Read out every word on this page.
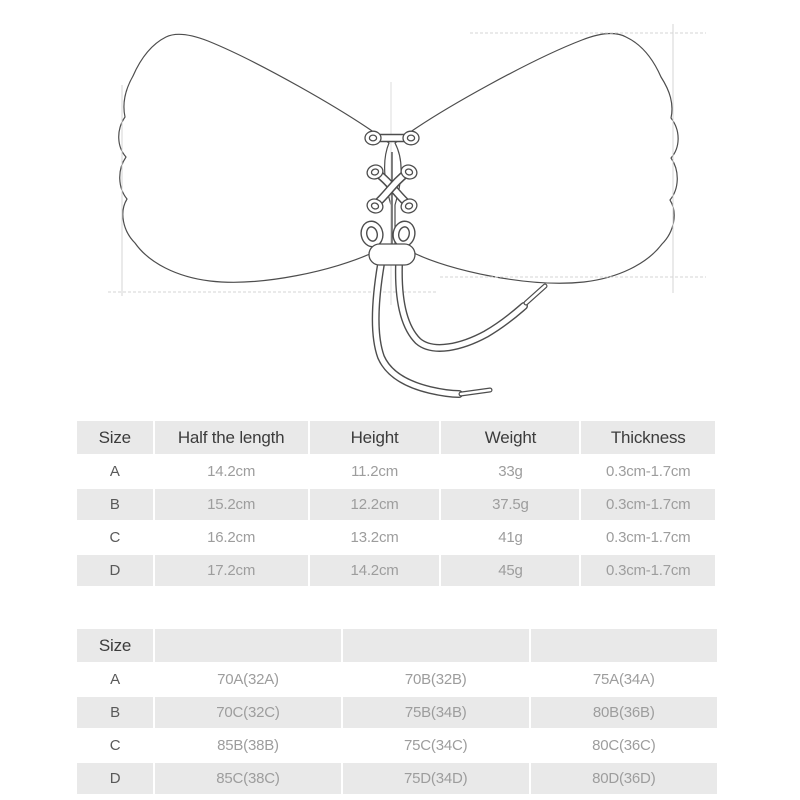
Size	Half the length	Height	Weight	Thickness
A	14.2cm	11.2cm	33g	0.3cm-1.7cm
B	15.2cm	12.2cm	37.5g	0.3cm-1.7cm
C	16.2cm	13.2cm	41g	0.3cm-1.7cm
D	17.2cm	14.2cm	45g	0.3cm-1.7cm
Size			
A	70A(32A)	70B(32B)	75A(34A)
B	70C(32C)	75B(34B)	80B(36B)
C	85B(38B)	75C(34C)	80C(36C)
D	85C(38C)	75D(34D)	80D(36D)
